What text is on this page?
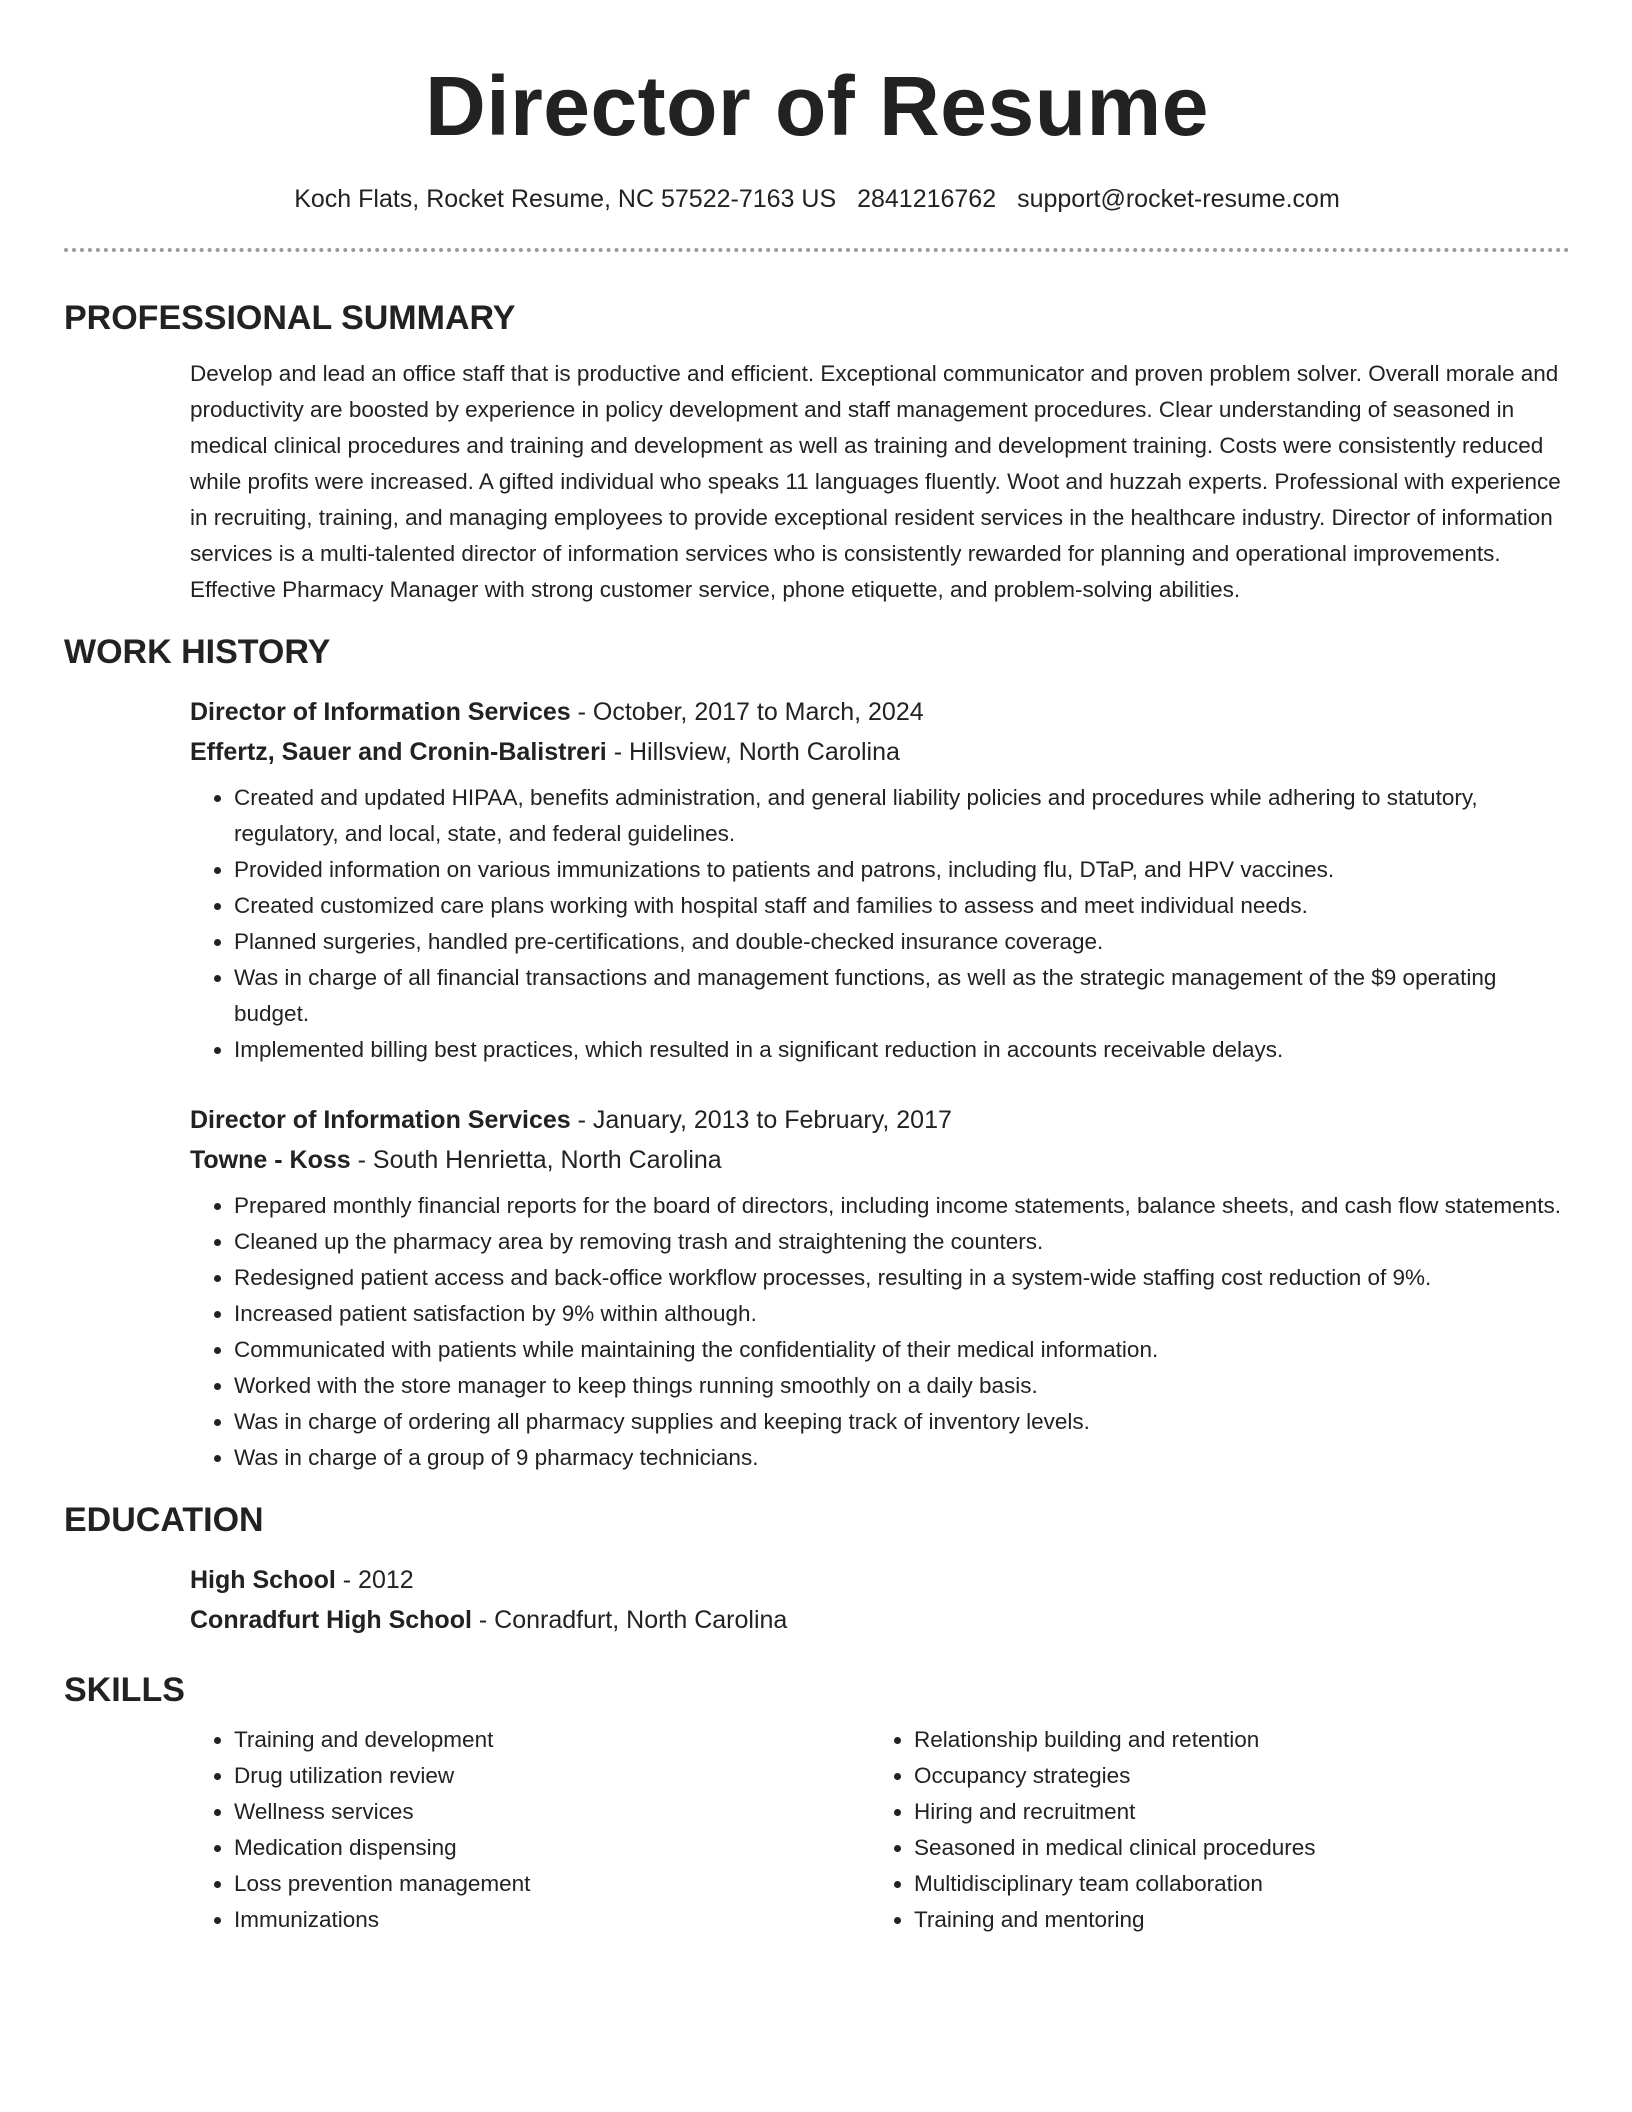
Director of Resume
Koch Flats, Rocket Resume, NC 57522-7163 US 2841216762 support@rocket-resume.com
PROFESSIONAL SUMMARY

Develop and lead an office staff that is productive and efficient. Exceptional communicator and proven problem solver. Overall morale and productivity are boosted by experience in policy development and staff management procedures. Clear understanding of seasoned in medical clinical procedures and training and development as well as training and development training. Costs were consistently reduced while profits were increased. A gifted individual who speaks 11 languages fluently. Woot and huzzah experts. Professional with experience in recruiting, training, and managing employees to provide exceptional resident services in the healthcare industry. Director of information services is a multi-talented director of information services who is consistently rewarded for planning and operational improvements. Effective Pharmacy Manager with strong customer service, phone etiquette, and problem-solving abilities.

WORK HISTORY
Director of Information Services - October, 2017 to March, 2024
Effertz, Sauer and Cronin-Balistreri - Hillsview, North Carolina
• Created and updated HIPAA, benefits administration, and general liability policies and procedures while adhering to statutory, regulatory, and local, state, and federal guidelines.
• Provided information on various immunizations to patients and patrons, including flu, DTaP, and HPV vaccines.
• Created customized care plans working with hospital staff and families to assess and meet individual needs.
• Planned surgeries, handled pre-certifications, and double-checked insurance coverage.
• Was in charge of all financial transactions and management functions, as well as the strategic management of the $9 operating budget.
• Implemented billing best practices, which resulted in a significant reduction in accounts receivable delays.
Director of Information Services - January, 2013 to February, 2017
Towne - Koss - South Henrietta, North Carolina
• Prepared monthly financial reports for the board of directors, including income statements, balance sheets, and cash flow statements.
• Cleaned up the pharmacy area by removing trash and straightening the counters.
• Redesigned patient access and back-office workflow processes, resulting in a system-wide staffing cost reduction of 9%.
• Increased patient satisfaction by 9% within although.
• Communicated with patients while maintaining the confidentiality of their medical information.
• Worked with the store manager to keep things running smoothly on a daily basis.
• Was in charge of ordering all pharmacy supplies and keeping track of inventory levels.
• Was in charge of a group of 9 pharmacy technicians.
EDUCATION
High School - 2012
Conradfurt High School - Conradfurt, North Carolina
SKILLS
• Training and development
• Drug utilization review
• Wellness services
• Medication dispensing
• Loss prevention management
• Immunizations
• Relationship building and retention
• Occupancy strategies
• Hiring and recruitment
• Seasoned in medical clinical procedures
• Multidisciplinary team collaboration
• Training and mentoring
